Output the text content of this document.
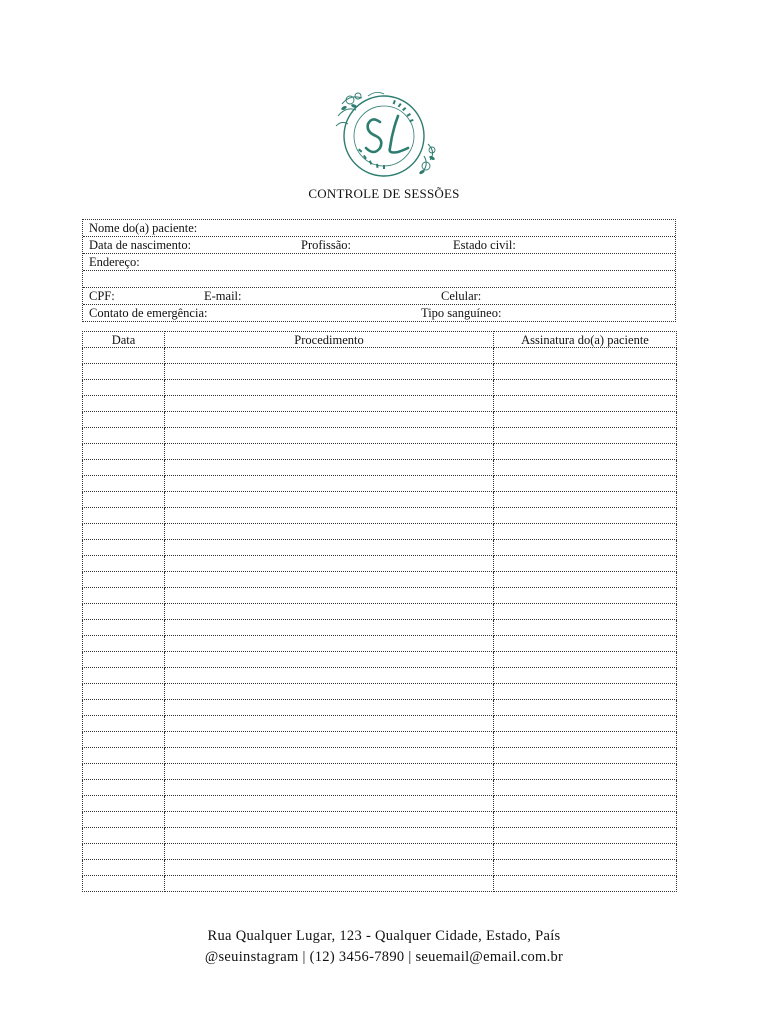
CONTROLE DE SESSÕES
Nome do(a) paciente:
Data de nascimento:	Profissão:	Estado civil:
Endereço:
CPF:	E-mail:	Celular:
Contato de emergência:	Tipo sanguíneo:
Data	Procedimento	Assinatura do(a) paciente

Rua Qualquer Lugar, 123 - Qualquer Cidade, Estado, País
@seuinstagram | (12) 3456-7890 | seuemail@email.com.br
